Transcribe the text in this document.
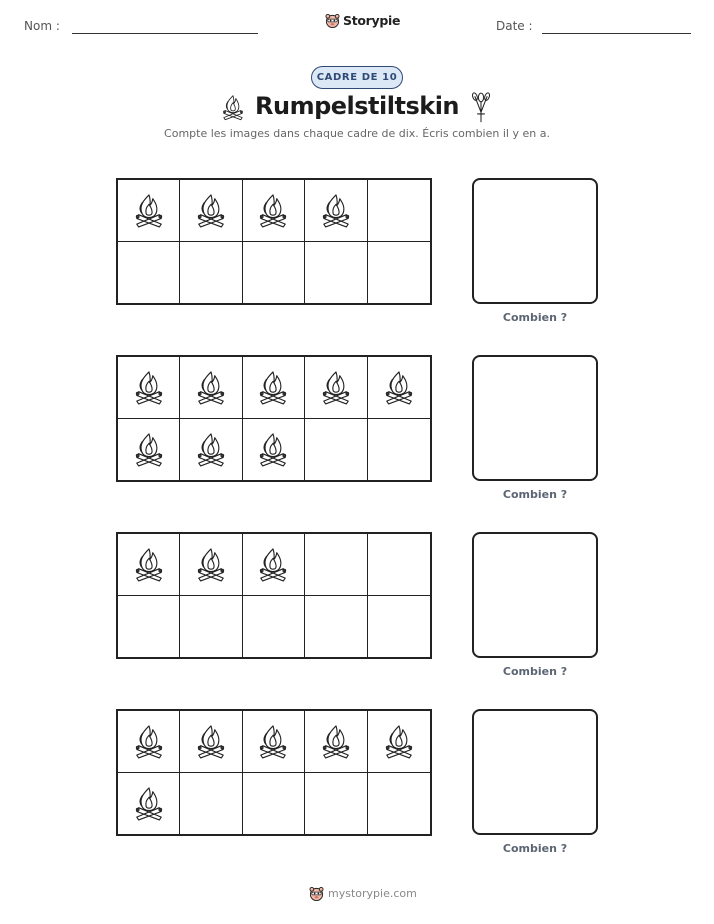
Nom :	Storypie	Date :
CADRE DE 10
Rumpelstiltskin
Compte les images dans chaque cadre de dix. Écris combien il y en a.
Combien ?
Combien ?
Combien ?
Combien ?
mystorypie.com
